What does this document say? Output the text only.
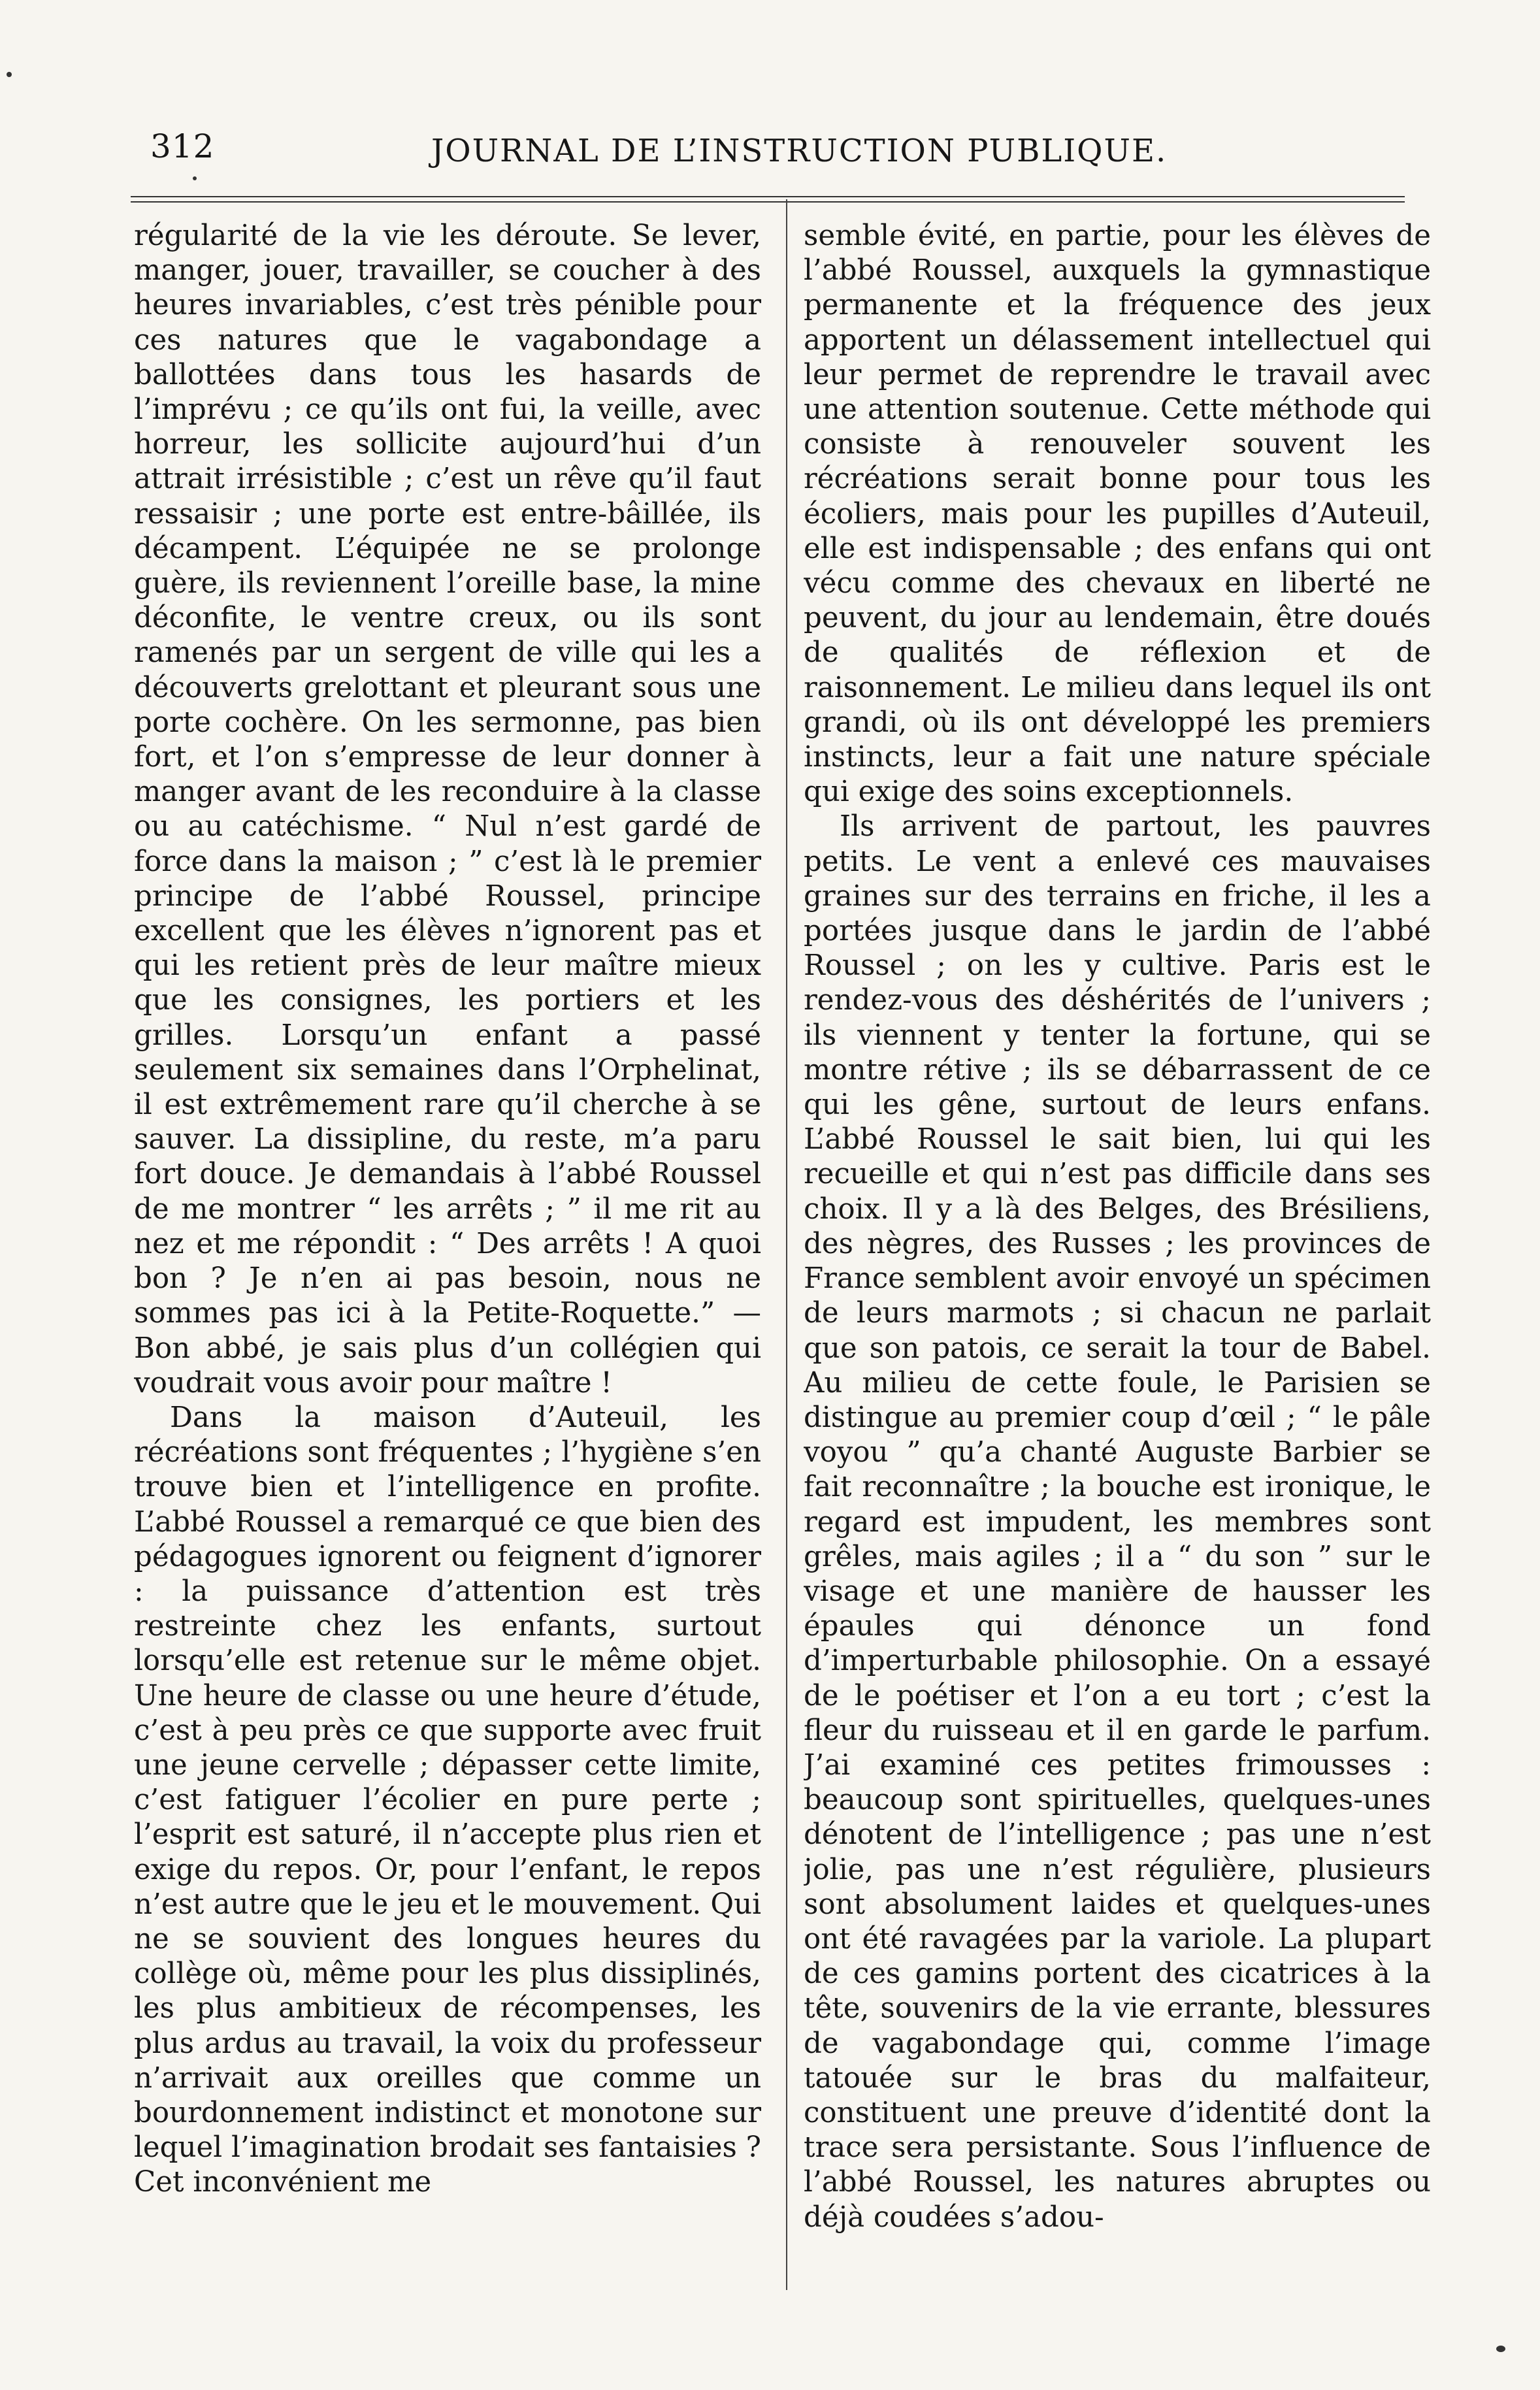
312	JOURNAL DE L’INSTRUCTION PUBLIQUE.

régularité de la vie les déroute. Se lever, manger, jouer, travailler, se coucher à des heures invariables, c’est très pénible pour ces natures que le vagabondage a ballottées dans tous les hasards de l’imprévu ; ce qu’ils ont fui, la veille, avec horreur, les sollicite aujourd’hui d’un attrait irrésistible ; c’est un rêve qu’il faut ressaisir ; une porte est entre-bâillée, ils décampent. L’équipée ne se prolonge guère, ils reviennent l’oreille base, la mine déconfite, le ventre creux, ou ils sont ramenés par un sergent de ville qui les a découverts grelottant et pleurant sous une porte cochère. On les sermonne, pas bien fort, et l’on s’empresse de leur donner à manger avant de les reconduire à la classe ou au catéchisme. “ Nul n’est gardé de force dans la maison ; ” c’est là le premier principe de l’abbé Roussel, principe excellent que les élèves n’ignorent pas et qui les retient près de leur maître mieux que les consignes, les portiers et les grilles. Lorsqu’un enfant a passé seulement six semaines dans l’Orphelinat, il est extrêmement rare qu’il cherche à se sauver. La dissipline, du reste, m’a paru fort douce. Je demandais à l’abbé Roussel de me montrer “ les arrêts ; ” il me rit au nez et me répondit : “ Des arrêts ! A quoi bon ? Je n’en ai pas besoin, nous ne sommes pas ici à la Petite-Roquette.” — Bon abbé, je sais plus d’un collégien qui voudrait vous avoir pour maître !

Dans la maison d’Auteuil, les récréations sont fréquentes ; l’hygiène s’en trouve bien et l’intelligence en profite. L’abbé Roussel a remarqué ce que bien des pédagogues ignorent ou feignent d’ignorer : la puissance d’attention est très restreinte chez les enfants, surtout lorsqu’elle est retenue sur le même objet. Une heure de classe ou une heure d’étude, c’est à peu près ce que supporte avec fruit une jeune cervelle ; dépasser cette limite, c’est fatiguer l’écolier en pure perte ; l’esprit est saturé, il n’accepte plus rien et exige du repos. Or, pour l’enfant, le repos n’est autre que le jeu et le mouvement. Qui ne se souvient des longues heures du collège où, même pour les plus dissiplinés, les plus ambitieux de récompenses, les plus ardus au travail, la voix du professeur n’arrivait aux oreilles que comme un bourdonnement indistinct et monotone sur lequel l’imagination brodait ses fantaisies ? Cet inconvénient me

semble évité, en partie, pour les élèves de l’abbé Roussel, auxquels la gymnastique permanente et la fréquence des jeux apportent un délassement intellectuel qui leur permet de reprendre le travail avec une attention soutenue. Cette méthode qui consiste à renouveler souvent les récréations serait bonne pour tous les écoliers, mais pour les pupilles d’Auteuil, elle est indispensable ; des enfans qui ont vécu comme des chevaux en liberté ne peuvent, du jour au lendemain, être doués de qualités de réflexion et de raisonnement. Le milieu dans lequel ils ont grandi, où ils ont développé les premiers instincts, leur a fait une nature spéciale qui exige des soins exceptionnels.

Ils arrivent de partout, les pauvres petits. Le vent a enlevé ces mauvaises graines sur des terrains en friche, il les a portées jusque dans le jardin de l’abbé Roussel ; on les y cultive. Paris est le rendez-vous des déshérités de l’univers ; ils viennent y tenter la fortune, qui se montre rétive ; ils se débarrassent de ce qui les gêne, surtout de leurs enfans. L’abbé Roussel le sait bien, lui qui les recueille et qui n’est pas difficile dans ses choix. Il y a là des Belges, des Brésiliens, des nègres, des Russes ; les provinces de France semblent avoir envoyé un spécimen de leurs marmots ; si chacun ne parlait que son patois, ce serait la tour de Babel. Au milieu de cette foule, le Parisien se distingue au premier coup d’œil ; “ le pâle voyou ” qu’a chanté Auguste Barbier se fait reconnaître ; la bouche est ironique, le regard est impudent, les membres sont grêles, mais agiles ; il a “ du son ” sur le visage et une manière de hausser les épaules qui dénonce un fond d’imperturbable philosophie. On a essayé de le poétiser et l’on a eu tort ; c’est la fleur du ruisseau et il en garde le parfum. J’ai examiné ces petites frimousses : beaucoup sont spirituelles, quelques-unes dénotent de l’intelligence ; pas une n’est jolie, pas une n’est régulière, plusieurs sont absolument laides et quelques-unes ont été ravagées par la variole. La plupart de ces gamins portent des cicatrices à la tête, souvenirs de la vie errante, blessures de vagabondage qui, comme l’image tatouée sur le bras du malfaiteur, constituent une preuve d’identité dont la trace sera persistante. Sous l’influence de l’abbé Roussel, les natures abruptes ou déjà coudées s’adou-
